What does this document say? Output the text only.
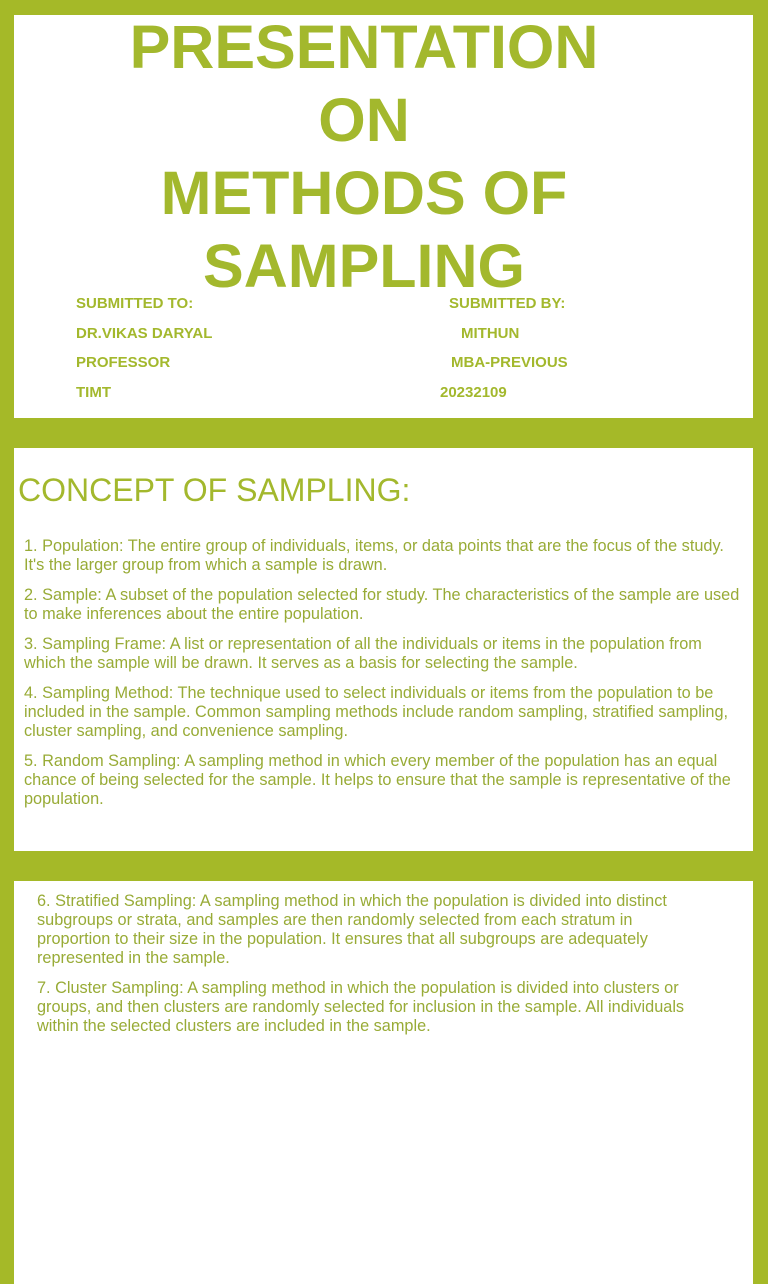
PRESENTATION
ON
METHODS OF
SAMPLING
SUBMITTED TO:	SUBMITTED BY:
DR.VIKAS DARYAL	MITHUN
PROFESSOR	MBA-PREVIOUS
TIMT	20232109
CONCEPT OF SAMPLING:
1. Population: The entire group of individuals, items, or data points that are the focus of the study.
It's the larger group from which a sample is drawn.
2. Sample: A subset of the population selected for study. The characteristics of the sample are used
to make inferences about the entire population.
3. Sampling Frame: A list or representation of all the individuals or items in the population from
which the sample will be drawn. It serves as a basis for selecting the sample.
4. Sampling Method: The technique used to select individuals or items from the population to be
included in the sample. Common sampling methods include random sampling, stratified sampling,
cluster sampling, and convenience sampling.
5. Random Sampling: A sampling method in which every member of the population has an equal
chance of being selected for the sample. It helps to ensure that the sample is representative of the
population.
6. Stratified Sampling: A sampling method in which the population is divided into distinct
subgroups or strata, and samples are then randomly selected from each stratum in
proportion to their size in the population. It ensures that all subgroups are adequately
represented in the sample.
7. Cluster Sampling: A sampling method in which the population is divided into clusters or
groups, and then clusters are randomly selected for inclusion in the sample. All individuals
within the selected clusters are included in the sample.
